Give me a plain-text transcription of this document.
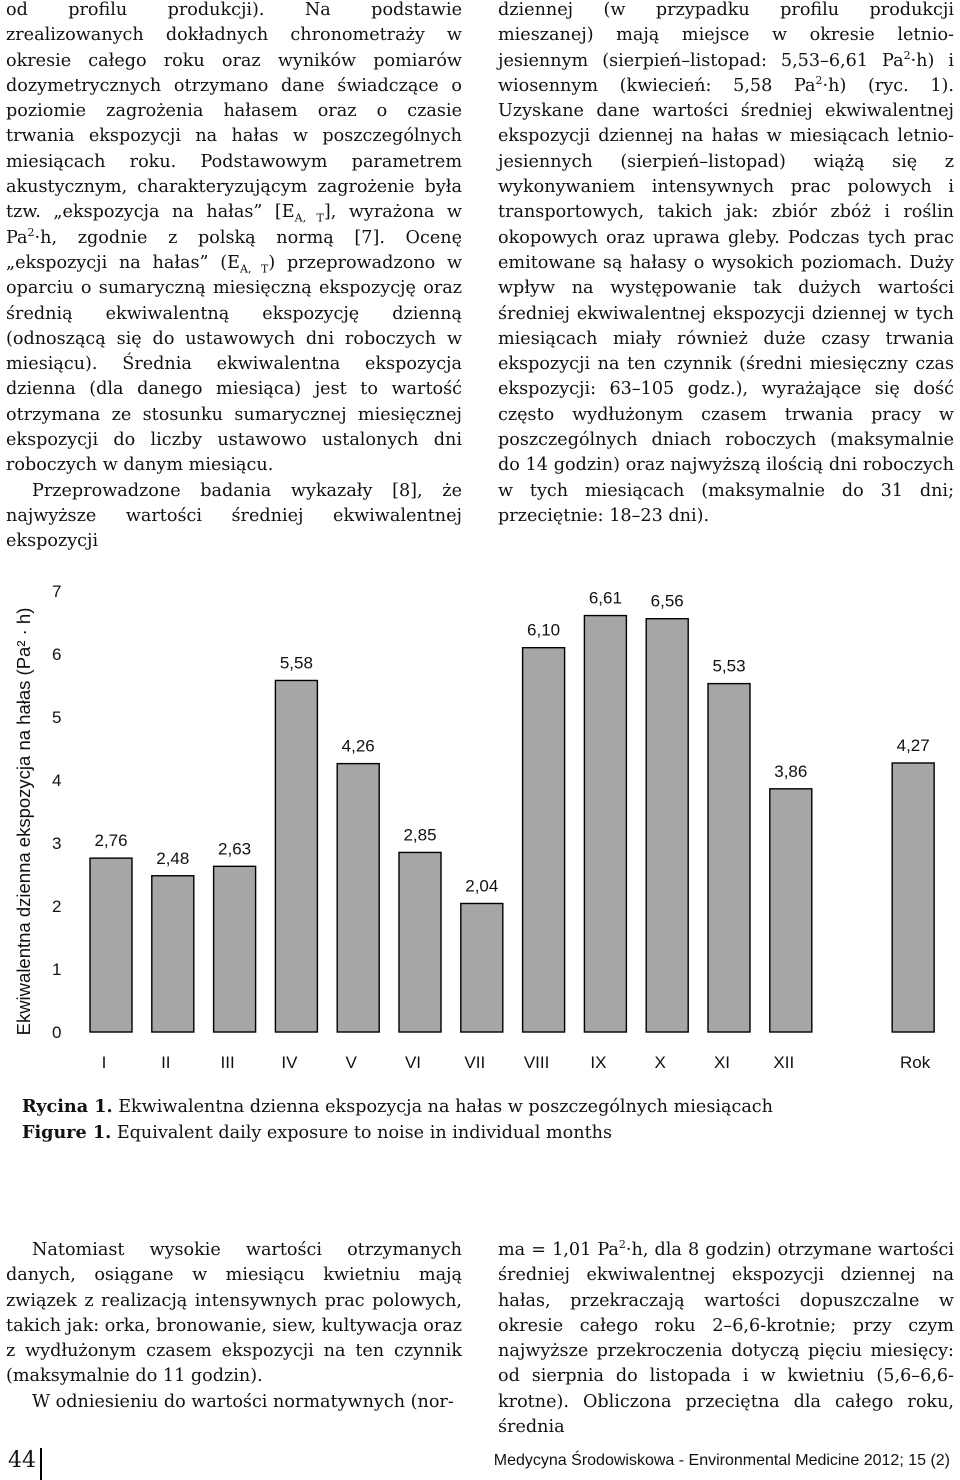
od profilu produkcji). Na podstawie zrealizowanych dokładnych chronometraży w okresie całego roku oraz wyników pomiarów dozymetrycznych otrzymano dane świadczące o poziomie zagrożenia hałasem oraz o czasie trwania ekspozycji na hałas w poszczególnych miesiącach roku. Podstawowym parametrem akustycznym, charakteryzującym zagrożenie była tzw. „ekspozycja na hałas” $[E_{A, T}]$, wyrażona w $Pa^2\cdot h$, zgodnie z polską normą [7]. Ocenę „ekspozycji na hałas” $(E_{A, T})$ przeprowadzono w oparciu o sumaryczną miesięczną ekspozycję oraz średnią ekwiwalentną ekspozycję dzienną (odnoszącą się do ustawowych dni roboczych w miesiącu). Średnia ekwiwalentna ekspozycja dzienna (dla danego miesiąca) jest to wartość otrzymana ze stosunku sumarycznej miesięcznej ekspozycji do liczby ustawowo ustalonych dni roboczych w danym miesiącu.

Przeprowadzone badania wykazały [8], że najwyższe wartości średniej ekwiwalentnej ekspozycji

dziennej (w przypadku profilu produkcji mieszanej) mają miejsce w okresie letnio-jesiennym (sierpień–listopad: 5,53–6,61 $Pa^2\cdot h$) i wiosennym (kwiecień: 5,58 $Pa^2\cdot h$) (ryc. 1). Uzyskane dane wartości średniej ekwiwalentnej ekspozycji dziennej na hałas w miesiącach letnio-jesiennych (sierpień–listopad) wiążą się z wykonywaniem intensywnych prac polowych i transportowych, takich jak: zbiór zbóż i roślin okopowych oraz uprawa gleby. Podczas tych prac emitowane są hałasy o wysokich poziomach. Duży wpływ na występowanie tak dużych wartości średniej ekwiwalentnej ekspozycji dziennej w tych miesiącach miały również duże czasy trwania ekspozycji na ten czynnik (średni miesięczny czas ekspozycji: 63–105 godz.), wyrażające się dość często wydłużonym czasem trwania pracy w poszczególnych dniach roboczych (maksymalnie do 14 godzin) oraz najwyższą ilością dni roboczych w tych miesiącach (maksymalnie do 31 dni; przeciętnie: 18–23 dni).

Ekwiwalentna dzienna ekspozycja na hałas (Pa² · h) 0
1
2
3
4
5
6
7
2,76
I
2,48
II
2,63
III
5,58
IV
4,26
V
2,85
VI
2,04
VII
6,10
VIII
6,61
IX
6,56
X
5,53
XI
3,86
XII
4,27
Rok
Rycina 1. Ekwiwalentna dzienna ekspozycja na hałas w poszczególnych miesiącach
Figure 1. Equivalent daily exposure to noise in individual months

Natomiast wysokie wartości otrzymanych danych, osiągane w miesiącu kwietniu mają związek z realizacją intensywnych prac polowych, takich jak: orka, bronowanie, siew, kultywacja oraz z wydłużonym czasem ekspozycji na ten czynnik (maksymalnie do 11 godzin).

W odniesieniu do wartości normatywnych (nor-

ma = 1,01 $Pa^2\cdot h$, dla 8 godzin) otrzymane wartości średniej ekwiwalentnej ekspozycji dziennej na hałas, przekraczają wartości dopuszczalne w okresie całego roku 2–6,6-krotnie; przy czym najwyższe przekroczenia dotyczą pięciu miesięcy: od sierpnia do listopada i w kwietniu (5,6–6,6-krotne). Obliczona przeciętna dla całego roku, średnia

44	Medycyna Środowiskowa - Environmental Medicine 2012; 15 (2)
